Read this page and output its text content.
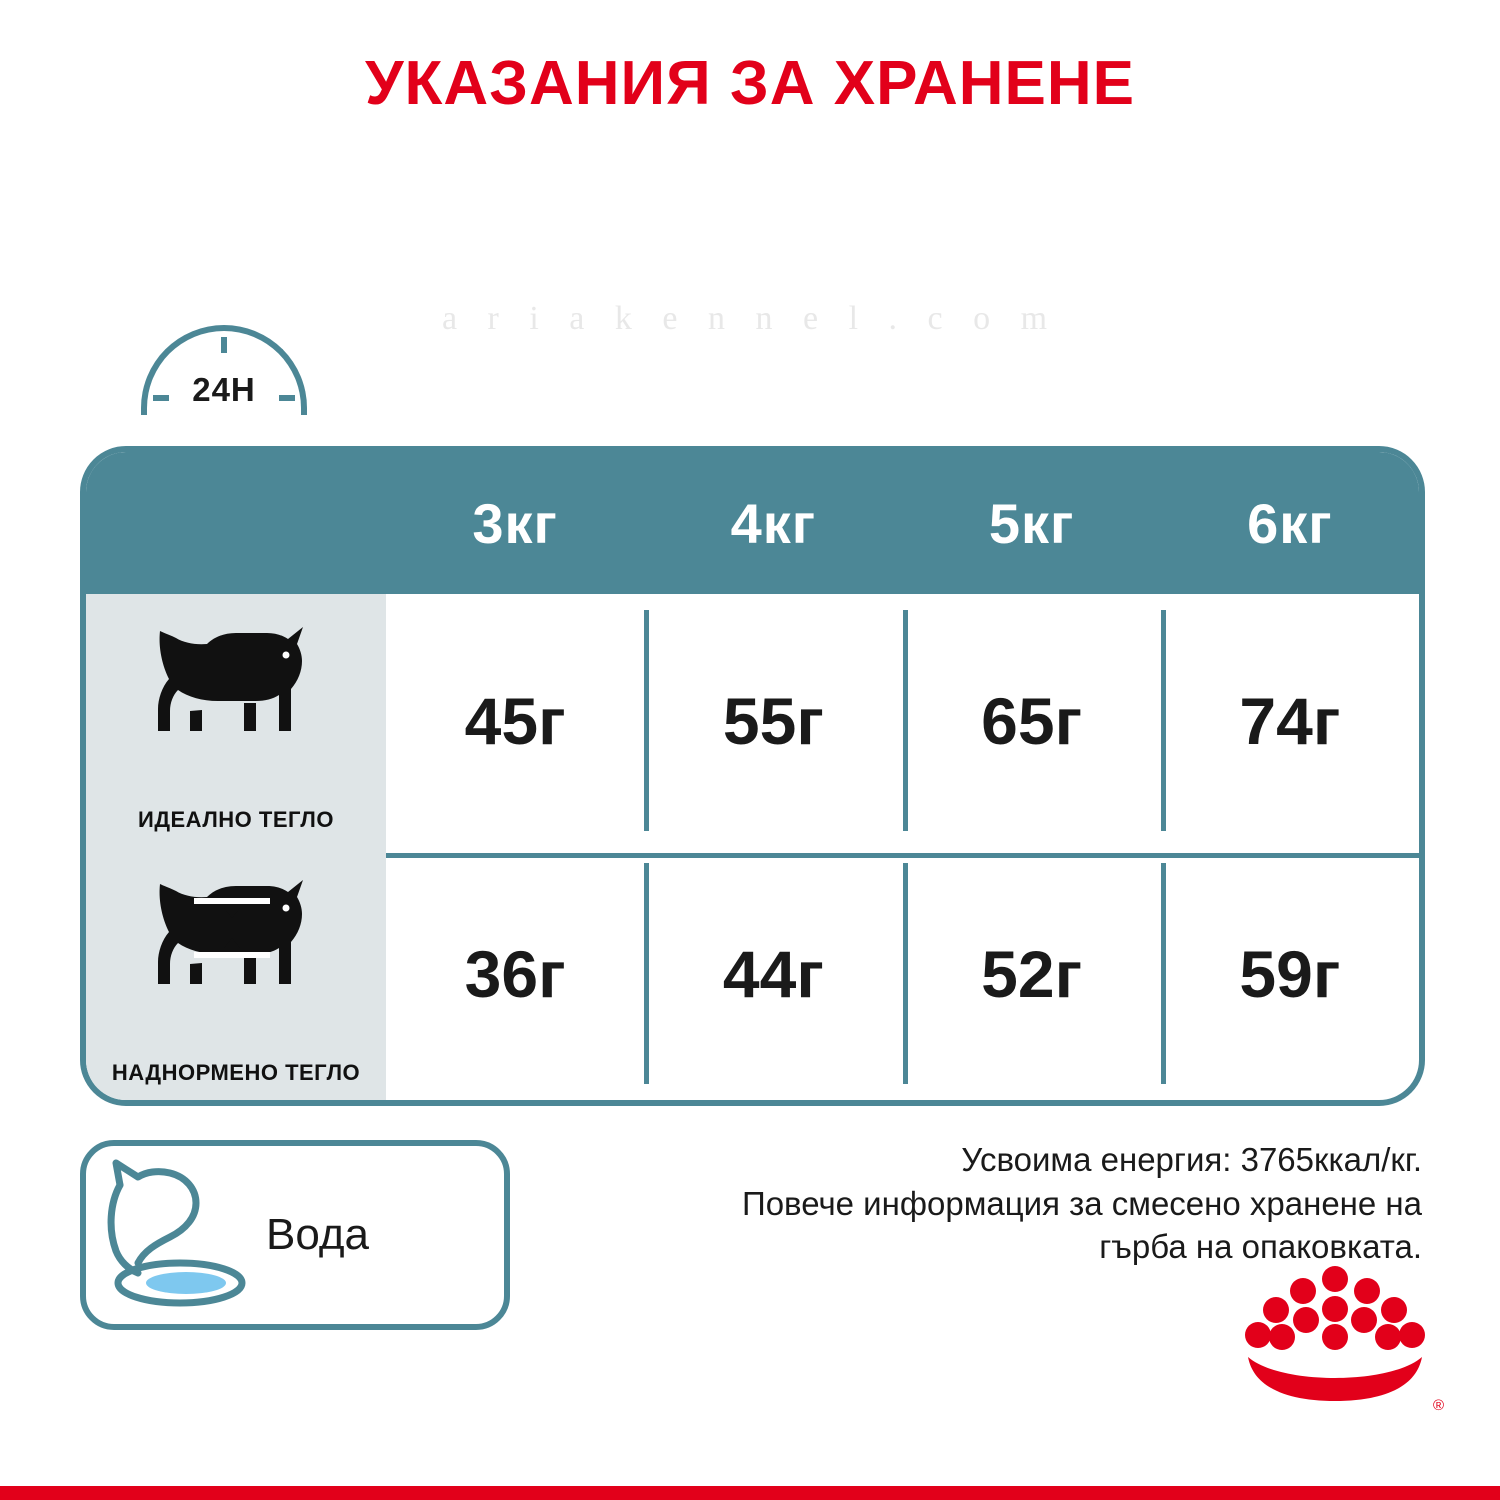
УКАЗАНИЯ ЗА ХРАНЕНЕ
24H
3кг	4кг	5кг	6кг
ИДЕАЛНО ТЕГЛО
45г	55г	65г	74г
НАДНОРМЕНО ТЕГЛО
36г	44г	52г	59г
a r i a k e n n e l . c o m
Вода
Усвоима енергия: 3765ккал/кг.
Повече информация за смесено хранене на
гърба на опаковката.
®
